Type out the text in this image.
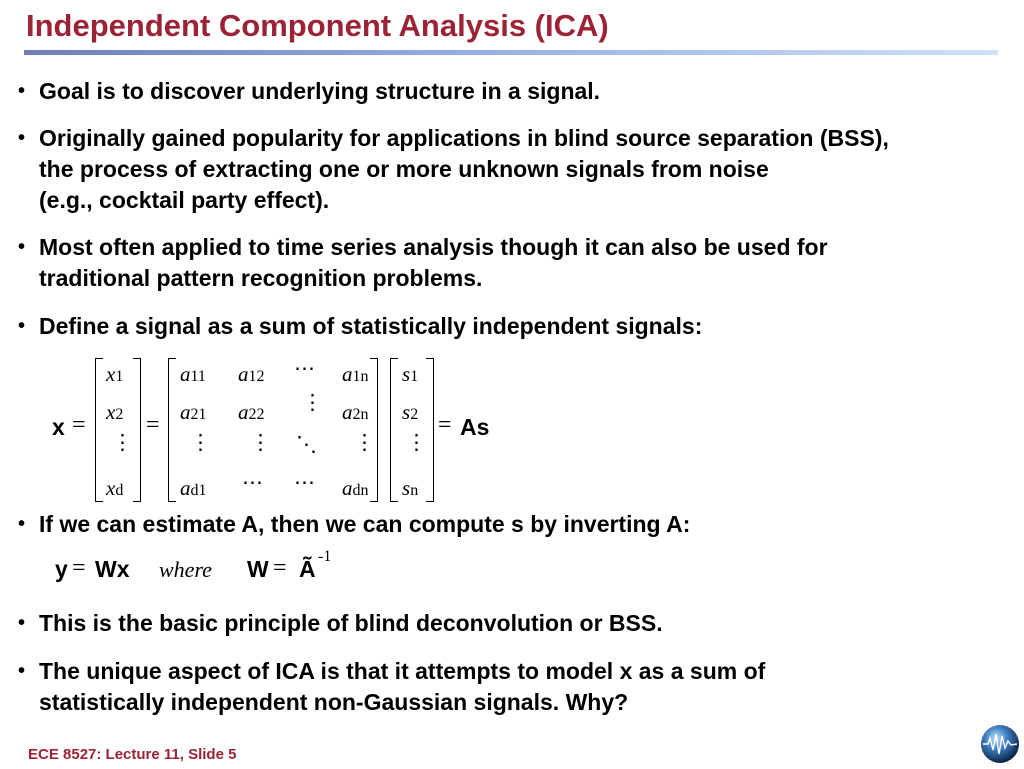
Independent Component Analysis (ICA)
• Goal is to discover underlying structure in a signal.
• Originally gained popularity for applications in blind source separation (BSS),
the process of extracting one or more unknown signals from noise
(e.g., cocktail party effect).
• Most often applied to time series analysis though it can also be used for
traditional pattern recognition problems.
• Define a signal as a sum of statistically independent signals:
x =
x1
x2
⋮
xd
=
a11 a12 ⋯ a1n
a21 a22
⋮ a2n
⋮ ⋮ ⋱ ⋮
ad1 ⋯ ⋯ adn
s1
s2
⋮
sn
= As
• If we can estimate A, then we can compute s by inverting A:
y = Wx where W = Ã -1
• This is the basic principle of blind deconvolution or BSS.
• The unique aspect of ICA is that it attempts to model x as a sum of
statistically independent non-Gaussian signals. Why?
ECE 8527: Lecture 11, Slide 5
